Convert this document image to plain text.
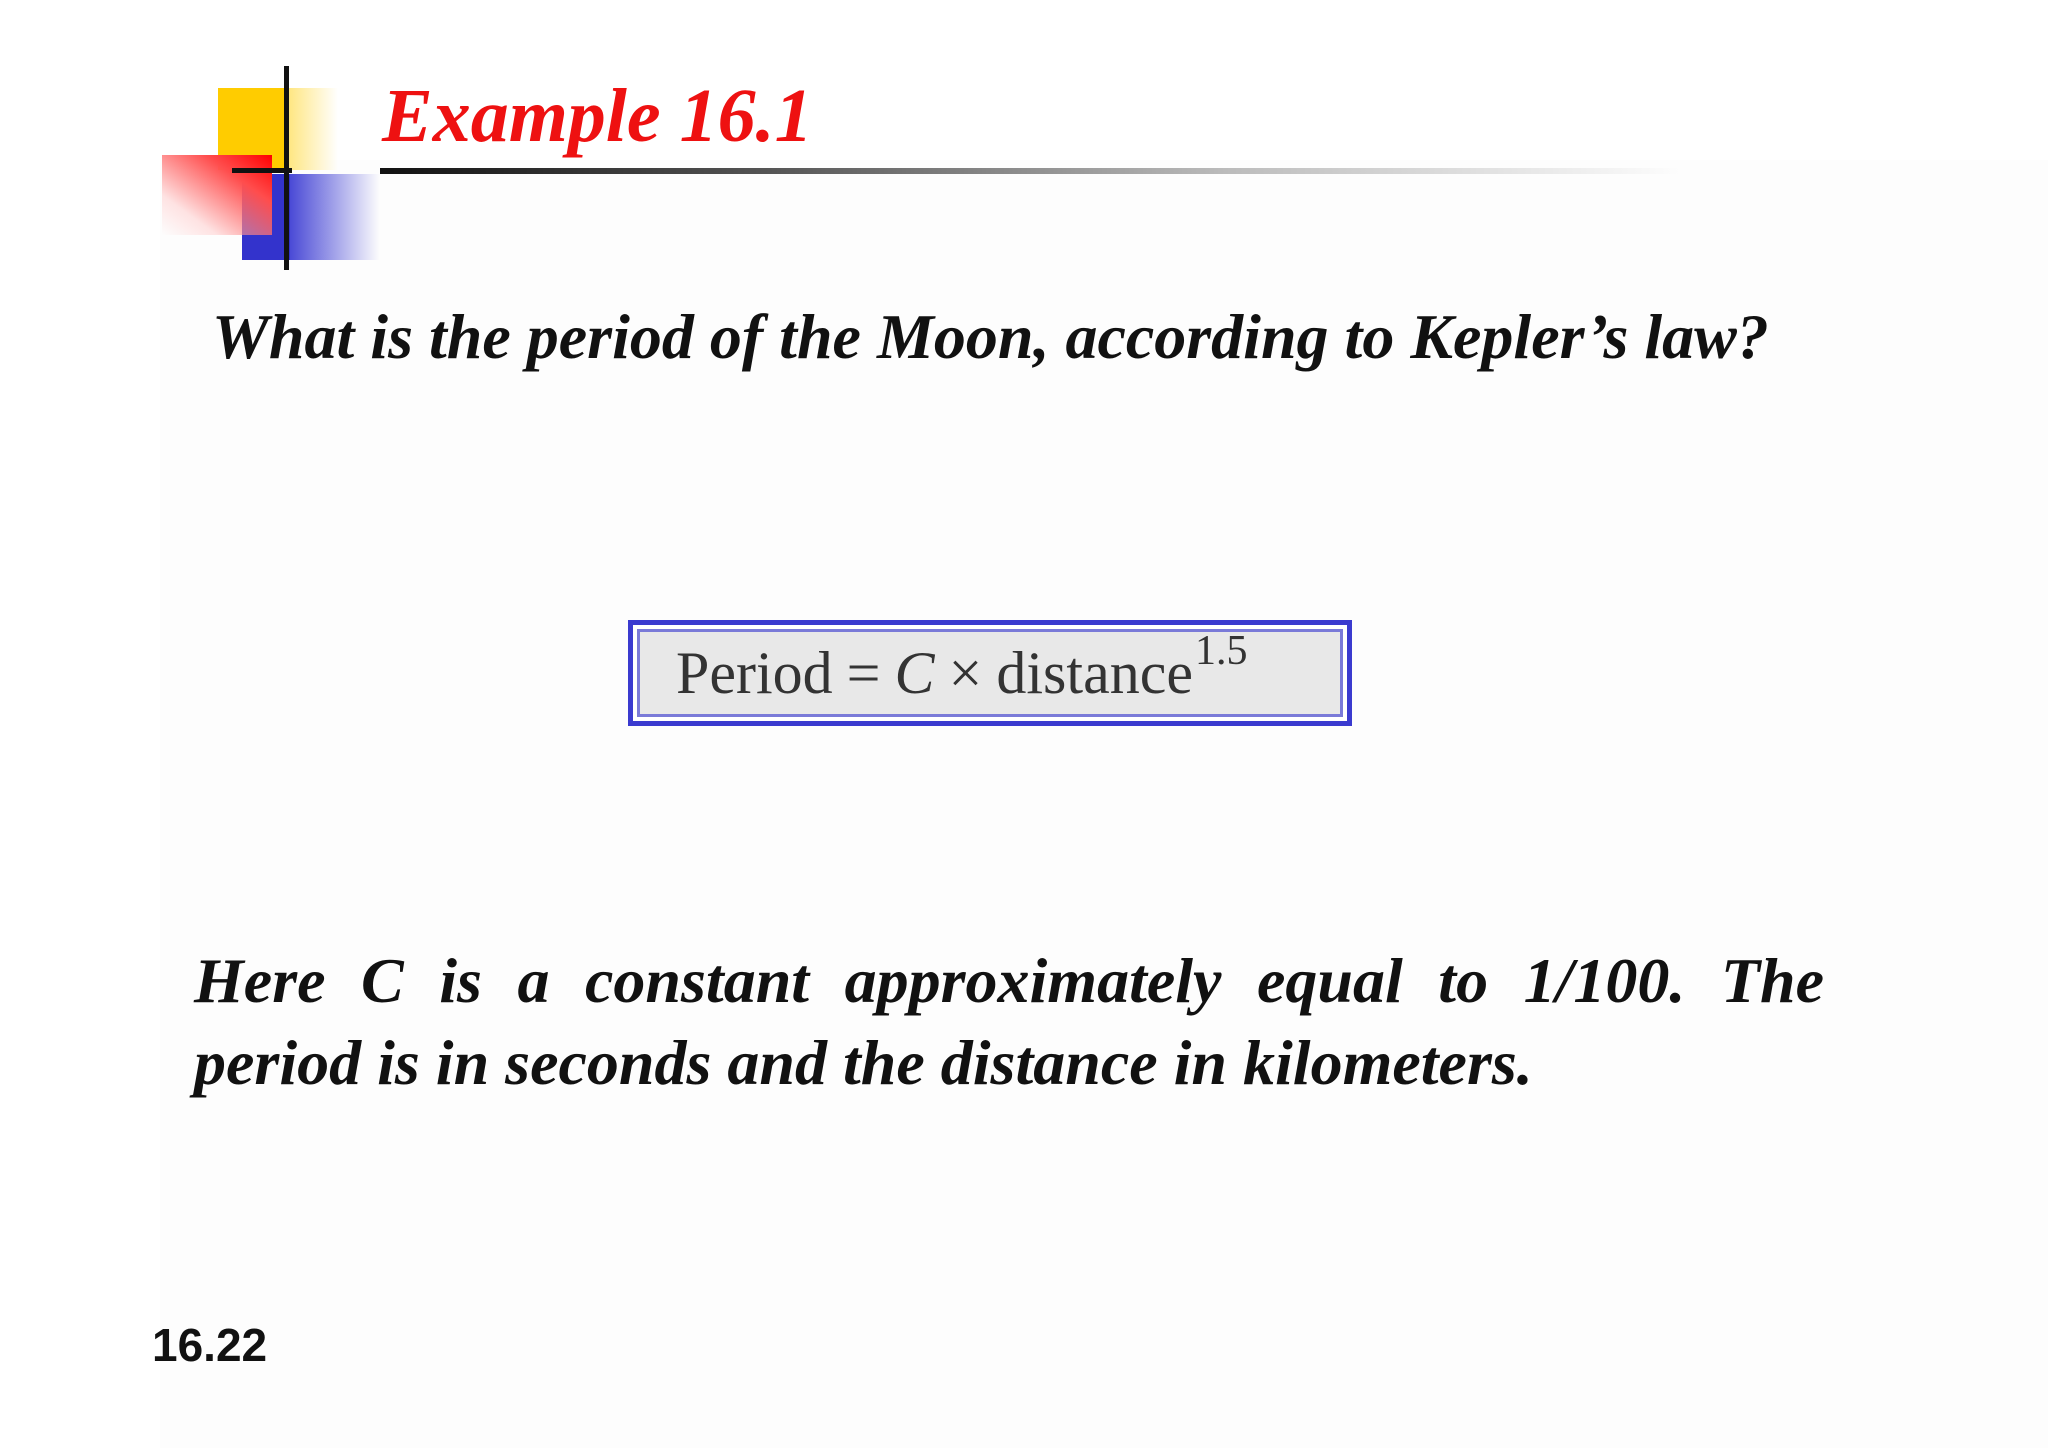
Example 16.1

What is the period of the Moon, according to Kepler’s law?

Period = C × distance 1.5

Here C is a constant approximately equal to 1/100. The period is in seconds and the distance in kilometers.

16.22
